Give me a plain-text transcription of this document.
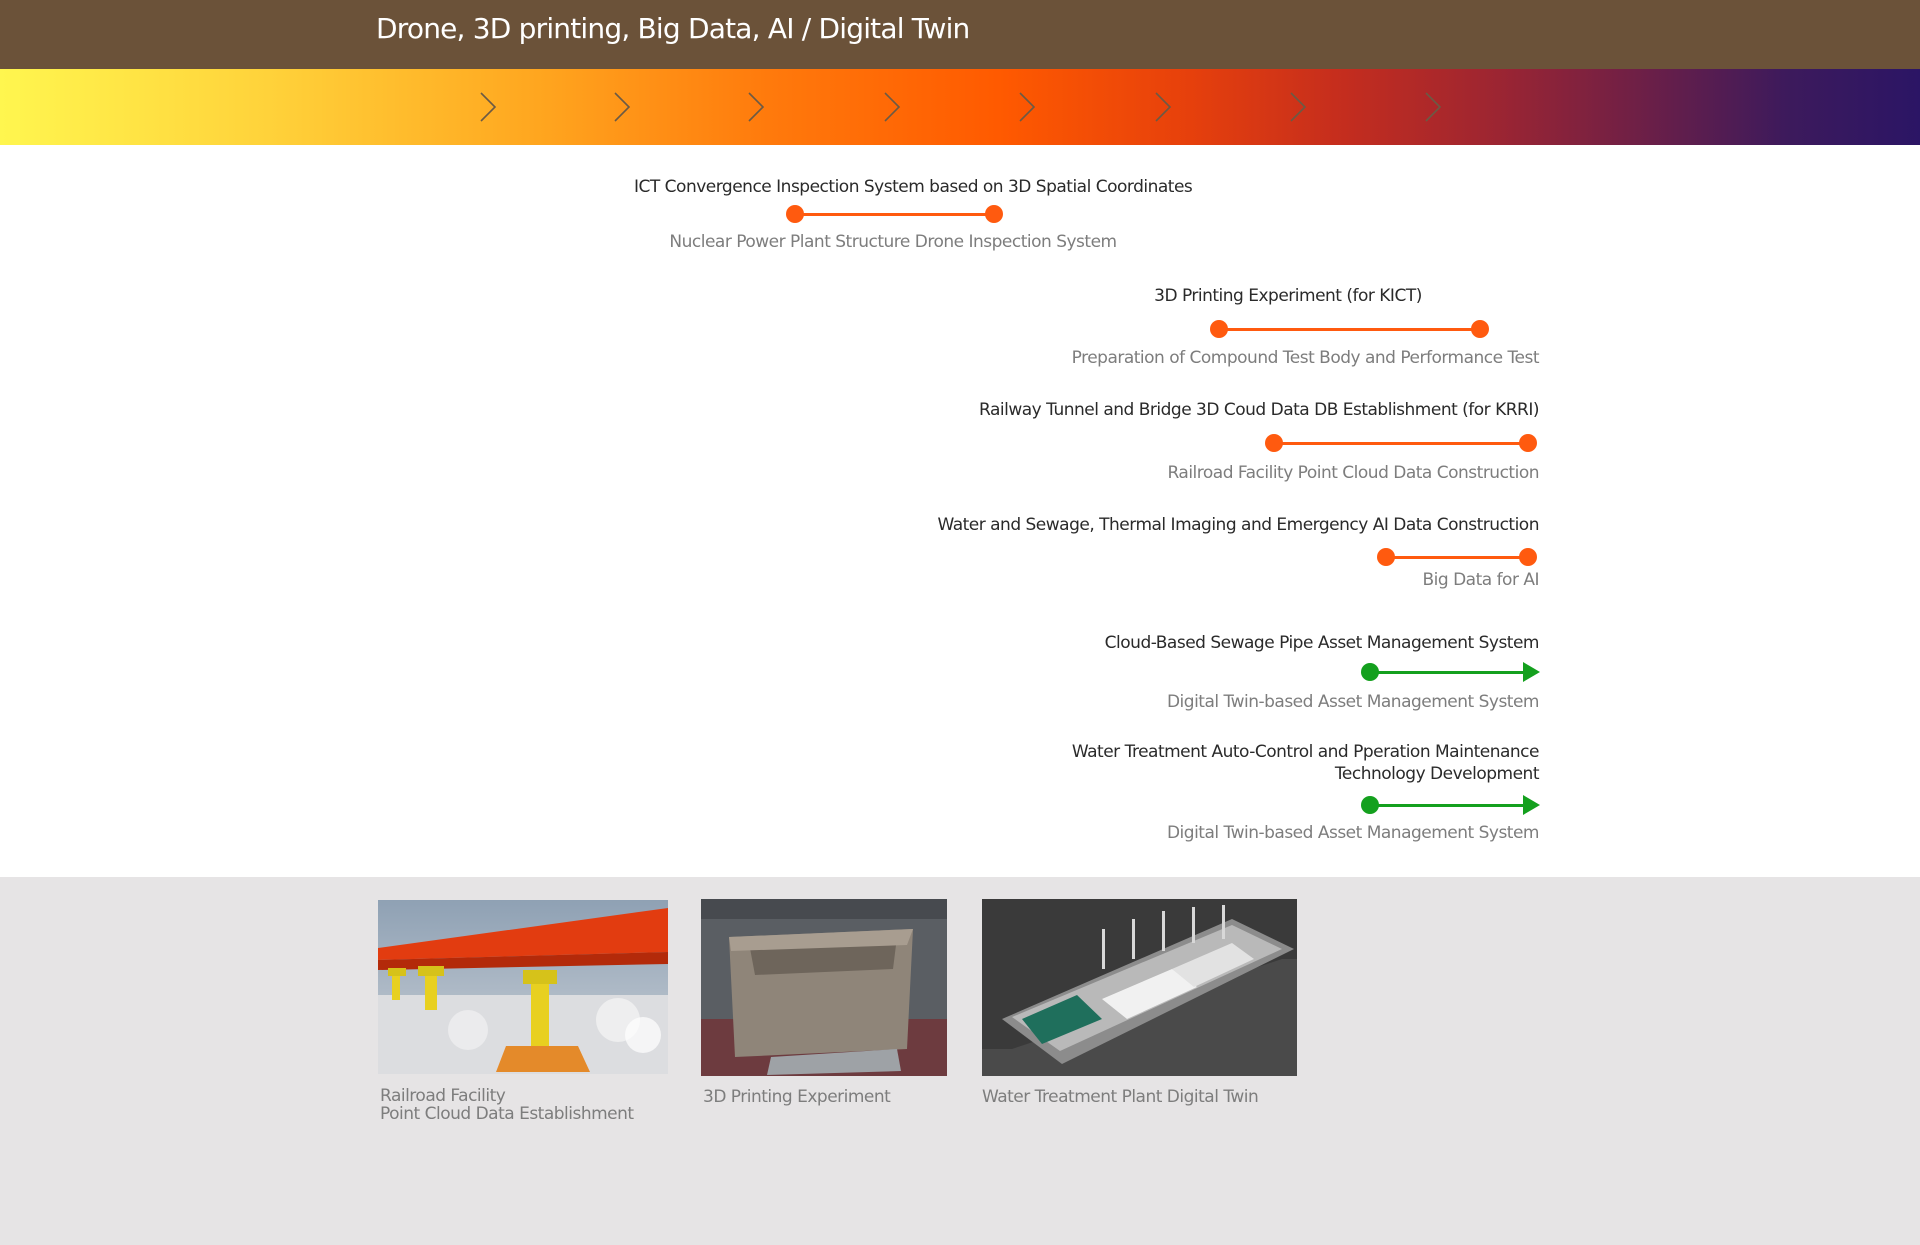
Drone, 3D printing, Big Data, AI / Digital Twin
ICT Convergence Inspection System based on 3D Spatial Coordinates
Nuclear Power Plant Structure Drone Inspection System
3D Printing Experiment (for KICT)
Preparation of Compound Test Body and Performance Test
Railway Tunnel and Bridge 3D Coud Data DB Establishment (for KRRI)
Railroad Facility Point Cloud Data Construction
Water and Sewage, Thermal Imaging and Emergency AI Data Construction
Big Data for AI
Cloud-Based Sewage Pipe Asset Management System
Digital Twin-based Asset Management System
Water Treatment Auto-Control and Pperation Maintenance
Technology Development
Digital Twin-based Asset Management System
Railroad Facility
Point Cloud Data Establishment
3D Printing Experiment	Water Treatment Plant Digital Twin
